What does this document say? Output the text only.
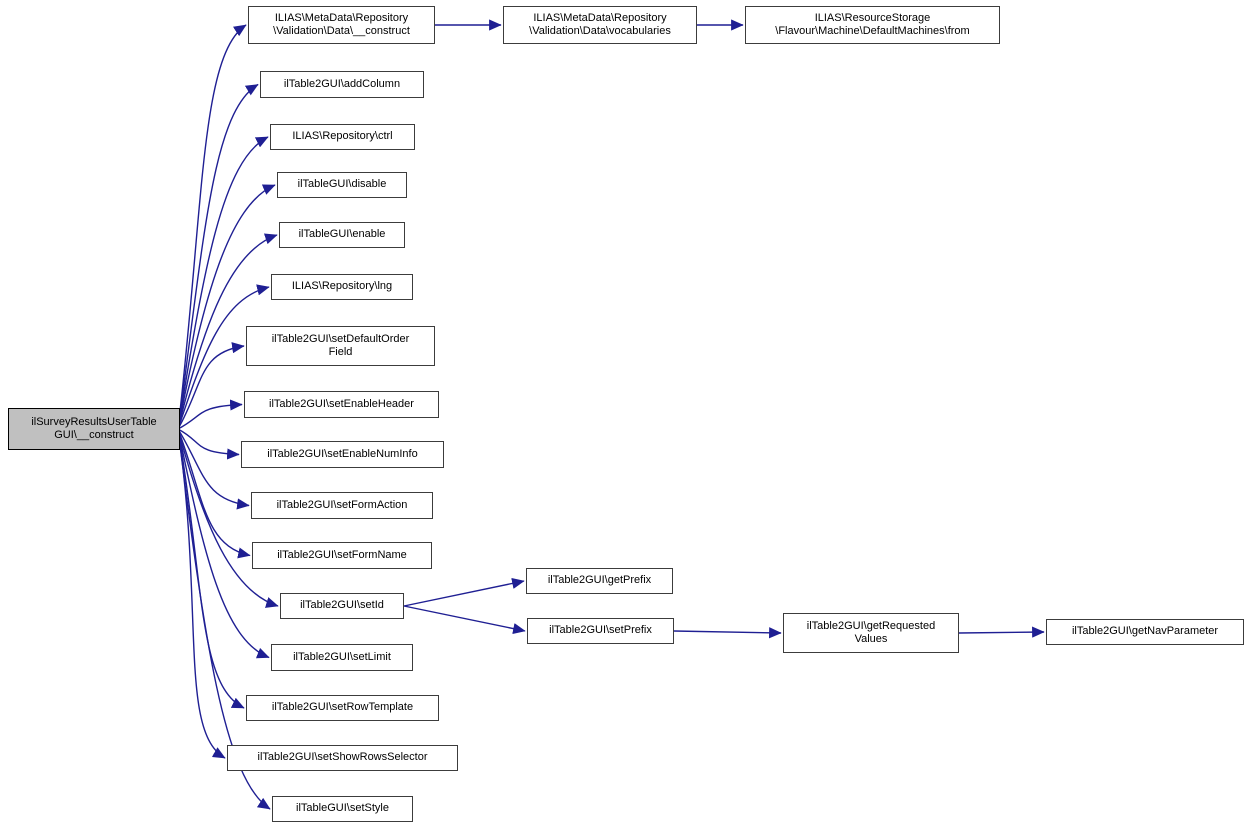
ilSurveyResultsUserTable
GUI\__construct
ILIAS\MetaData\Repository
\Validation\Data\__construct
ILIAS\MetaData\Repository
\Validation\Data\vocabularies
ILIAS\ResourceStorage
\Flavour\Machine\DefaultMachines\from
ilTable2GUI\addColumn
ILIAS\Repository\ctrl
ilTableGUI\disable
ilTableGUI\enable
ILIAS\Repository\lng
ilTable2GUI\setDefaultOrder
Field
ilTable2GUI\setEnableHeader
ilTable2GUI\setEnableNumInfo
ilTable2GUI\setFormAction
ilTable2GUI\setFormName
ilTable2GUI\setId
ilTable2GUI\setLimit
ilTable2GUI\setRowTemplate
ilTable2GUI\setShowRowsSelector
ilTableGUI\setStyle
ilTable2GUI\getPrefix
ilTable2GUI\setPrefix	ilTable2GUI\getRequested
Values
ilTable2GUI\getNavParameter
